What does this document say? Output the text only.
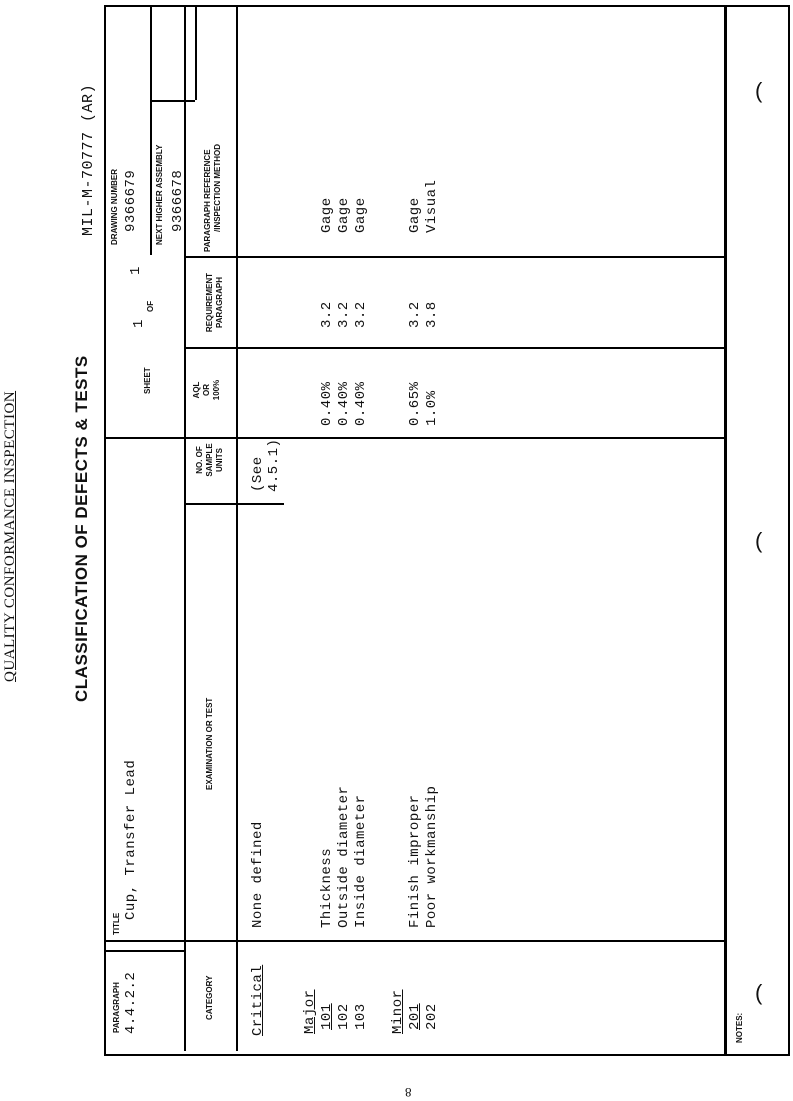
QUALITY CONFORMANCE INSPECTION	CLASSIFICATION OF DEFECTS & TESTS
MIL-M-70777 (AR)
8
PARAGRAPH 4.4.2.2
TITLE
Cup, Transfer Lead
SHEET
1
OF
1
DRAWING NUMBER 9366679 NEXT HIGHER ASSEMBLY 9366678
CATEGORY
EXAMINATION OR TEST
NO. OF SAMPLE UNITS
AQL OR 100%
REQUIREMENT PARAGRAPH
PARAGRAPH REFERENCE /INSPECTION METHOD
Critical
None defined
(See 4.5.1)
Major 101 102 103
Thickness Outside diameter Inside diameter
0.40% 0.40% 0.40%
3.2 3.2 3.2
Gage Gage Gage
Minor 201 202
Finish improper Poor workmanship
0.65% 1.0%
3.2 3.8
Gage Visual
NOTES:
(
(
(
